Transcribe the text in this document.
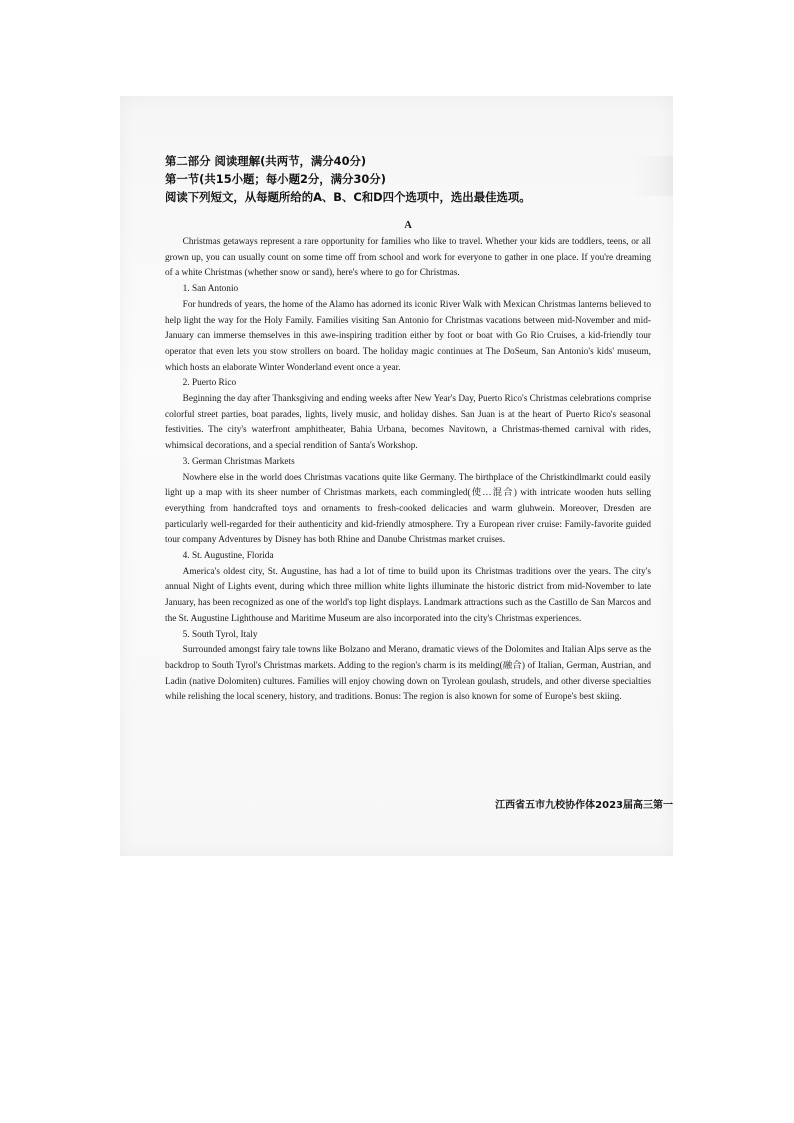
第二部分 阅读理解(共两节，满分40分)
第一节(共15小题；每小题2分，满分30分)
阅读下列短文，从每题所给的A、B、C和D四个选项中，选出最佳选项。
A

Christmas getaways represent a rare opportunity for families who like to travel. Whether your kids are toddlers, teens, or all grown up, you can usually count on some time off from school and work for everyone to gather in one place. If you're dreaming of a white Christmas (whether snow or sand), here's where to go for Christmas.

1. San Antonio

For hundreds of years, the home of the Alamo has adorned its iconic River Walk with Mexican Christmas lanterns believed to help light the way for the Holy Family. Families visiting San Antonio for Christmas vacations between mid-November and mid-January can immerse themselves in this awe-inspiring tradition either by foot or boat with Go Rio Cruises, a kid-friendly tour operator that even lets you stow strollers on board. The holiday magic continues at The DoSeum, San Antonio's kids' museum, which hosts an elaborate Winter Wonderland event once a year.

2. Puerto Rico

Beginning the day after Thanksgiving and ending weeks after New Year's Day, Puerto Rico's Christmas celebrations comprise colorful street parties, boat parades, lights, lively music, and holiday dishes. San Juan is at the heart of Puerto Rico's seasonal festivities. The city's waterfront amphitheater, Bahia Urbana, becomes Navitown, a Christmas-themed carnival with rides, whimsical decorations, and a special rendition of Santa's Workshop.

3. German Christmas Markets

Nowhere else in the world does Christmas vacations quite like Germany. The birthplace of the Christkindlmarkt could easily light up a map with its sheer number of Christmas markets, each commingled(使…混合) with intricate wooden huts selling everything from handcrafted toys and ornaments to fresh-cooked delicacies and warm gluhwein. Moreover, Dresden are particularly well-regarded for their authenticity and kid-friendly atmosphere. Try a European river cruise: Family-favorite guided tour company Adventures by Disney has both Rhine and Danube Christmas market cruises.

4. St. Augustine, Florida

America's oldest city, St. Augustine, has had a lot of time to build upon its Christmas traditions over the years. The city's annual Night of Lights event, during which three million white lights illuminate the historic district from mid-November to late January, has been recognized as one of the world's top light displays. Landmark attractions such as the Castillo de San Marcos and the St. Augustine Lighthouse and Maritime Museum are also incorporated into the city's Christmas experiences.

5. South Tyrol, Italy

Surrounded amongst fairy tale towns like Bolzano and Merano, dramatic views of the Dolomites and Italian Alps serve as the backdrop to South Tyrol's Christmas markets. Adding to the region's charm is its melding(融合) of Italian, German, Austrian, and Ladin (native Dolomiten) cultures. Families will enjoy chowing down on Tyrolean goulash, strudels, and other diverse specialties while relishing the local scenery, history, and traditions. Bonus: The region is also known for some of Europe's best skiing.

江西省五市九校协作体2023届高三第一
